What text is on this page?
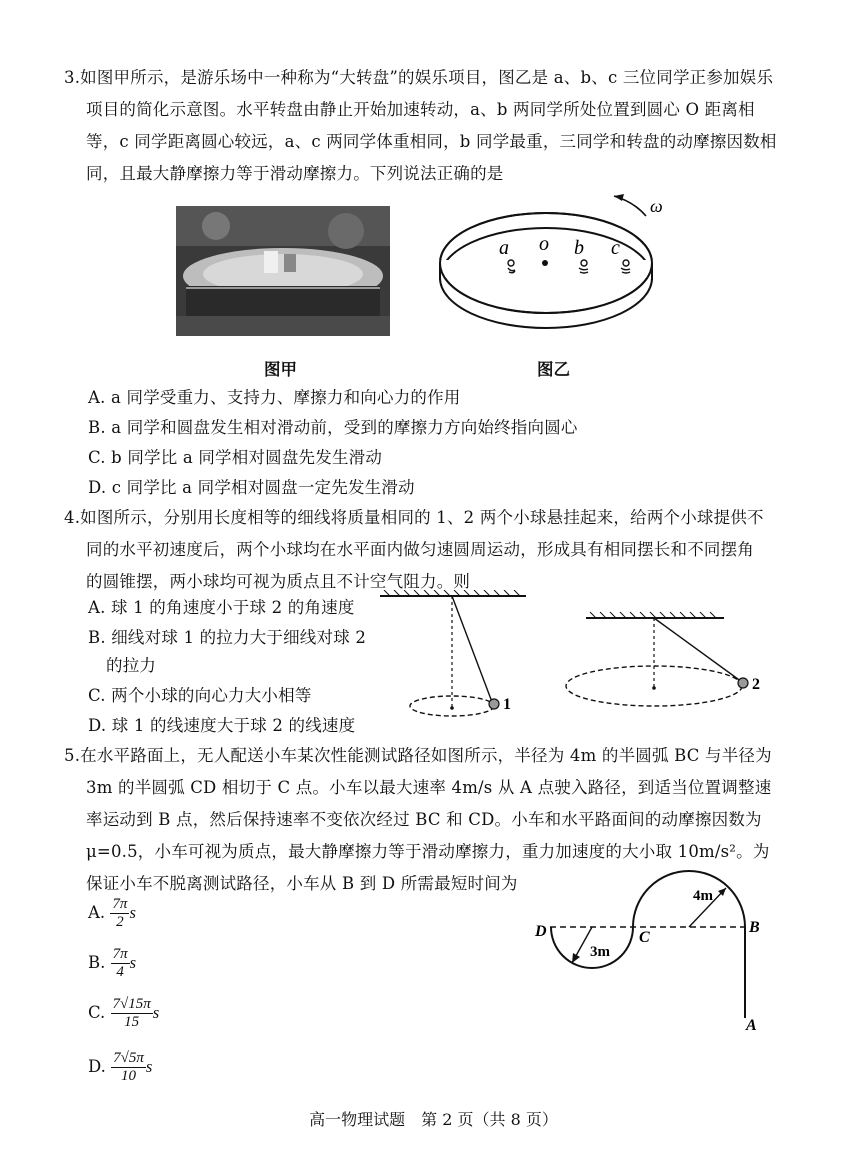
3.如图甲所示，是游乐场中一种称为“大转盘”的娱乐项目，图乙是 a、b、c 三位同学正参加娱乐
项目的简化示意图。水平转盘由静止开始加速转动，a、b 两同学所处位置到圆心 O 距离相
等，c 同学距离圆心较远，a、c 两同学体重相同，b 同学最重，三同学和转盘的动摩擦因数相
同，且最大静摩擦力等于滑动摩擦力。下列说法正确的是
ω
a o b c
图甲	图乙
A. a 同学受重力、支持力、摩擦力和向心力的作用
B. a 同学和圆盘发生相对滑动前，受到的摩擦力方向始终指向圆心
C. b 同学比 a 同学相对圆盘先发生滑动
D. c 同学比 a 同学相对圆盘一定先发生滑动
4.如图所示，分别用长度相等的细线将质量相同的 1、2 两个小球悬挂起来，给两个小球提供不
同的水平初速度后，两个小球均在水平面内做匀速圆周运动，形成具有相同摆长和不同摆角
的圆锥摆，两小球均可视为质点且不计空气阻力。则
A. 球 1 的角速度小于球 2 的角速度
B. 细线对球 1 的拉力大于细线对球 2
的拉力
C. 两个小球的向心力大小相等
D. 球 1 的线速度大于球 2 的线速度
1
2
5.在水平路面上，无人配送小车某次性能测试路径如图所示，半径为 4m 的半圆弧 BC 与半径为
3m 的半圆弧 CD 相切于 C 点。小车以最大速率 4m/s 从 A 点驶入路径，到适当位置调整速
率运动到 B 点，然后保持速率不变依次经过 BC 和 CD。小车和水平路面间的动摩擦因数为
μ=0.5，小车可视为质点，最大静摩擦力等于滑动摩擦力，重力加速度的大小取 10m/s²。为
保证小车不脱离测试路径，小车从 B 到 D 所需最短时间为
A. $\frac{7\pi}{2}$ s
B. $\frac{7\pi}{4}$ s
C. $\frac{7√15\pi}{15}$ s
D. $\frac{7√5\pi}{10}$ s
4m
3m
B
C
D
A
高一物理试题　第 2 页（共 8 页）
